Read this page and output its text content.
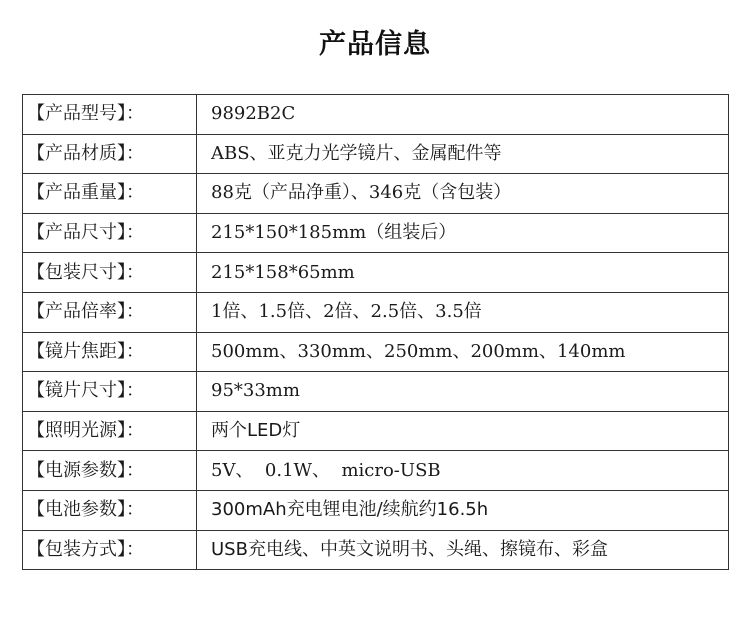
产品信息
【产品型号】：	9892B2C
【产品材质】：	ABS、亚克力光学镜片、金属配件等
【产品重量】：	88克（产品净重）、346克（含包装）
【产品尺寸】：	215*150*185mm（组装后）
【包装尺寸】：	215*158*65mm
【产品倍率】：	1倍、1.5倍、2倍、2.5倍、3.5倍
【镜片焦距】：	500mm、330mm、250mm、200mm、140mm
【镜片尺寸】：	95*33mm
【照明光源】：	两个LED灯
【电源参数】：	5V、  0.1W、  micro-USB
【电池参数】：	300mAh充电锂电池/续航约16.5h
【包装方式】：	USB充电线、中英文说明书、头绳、擦镜布、彩盒
